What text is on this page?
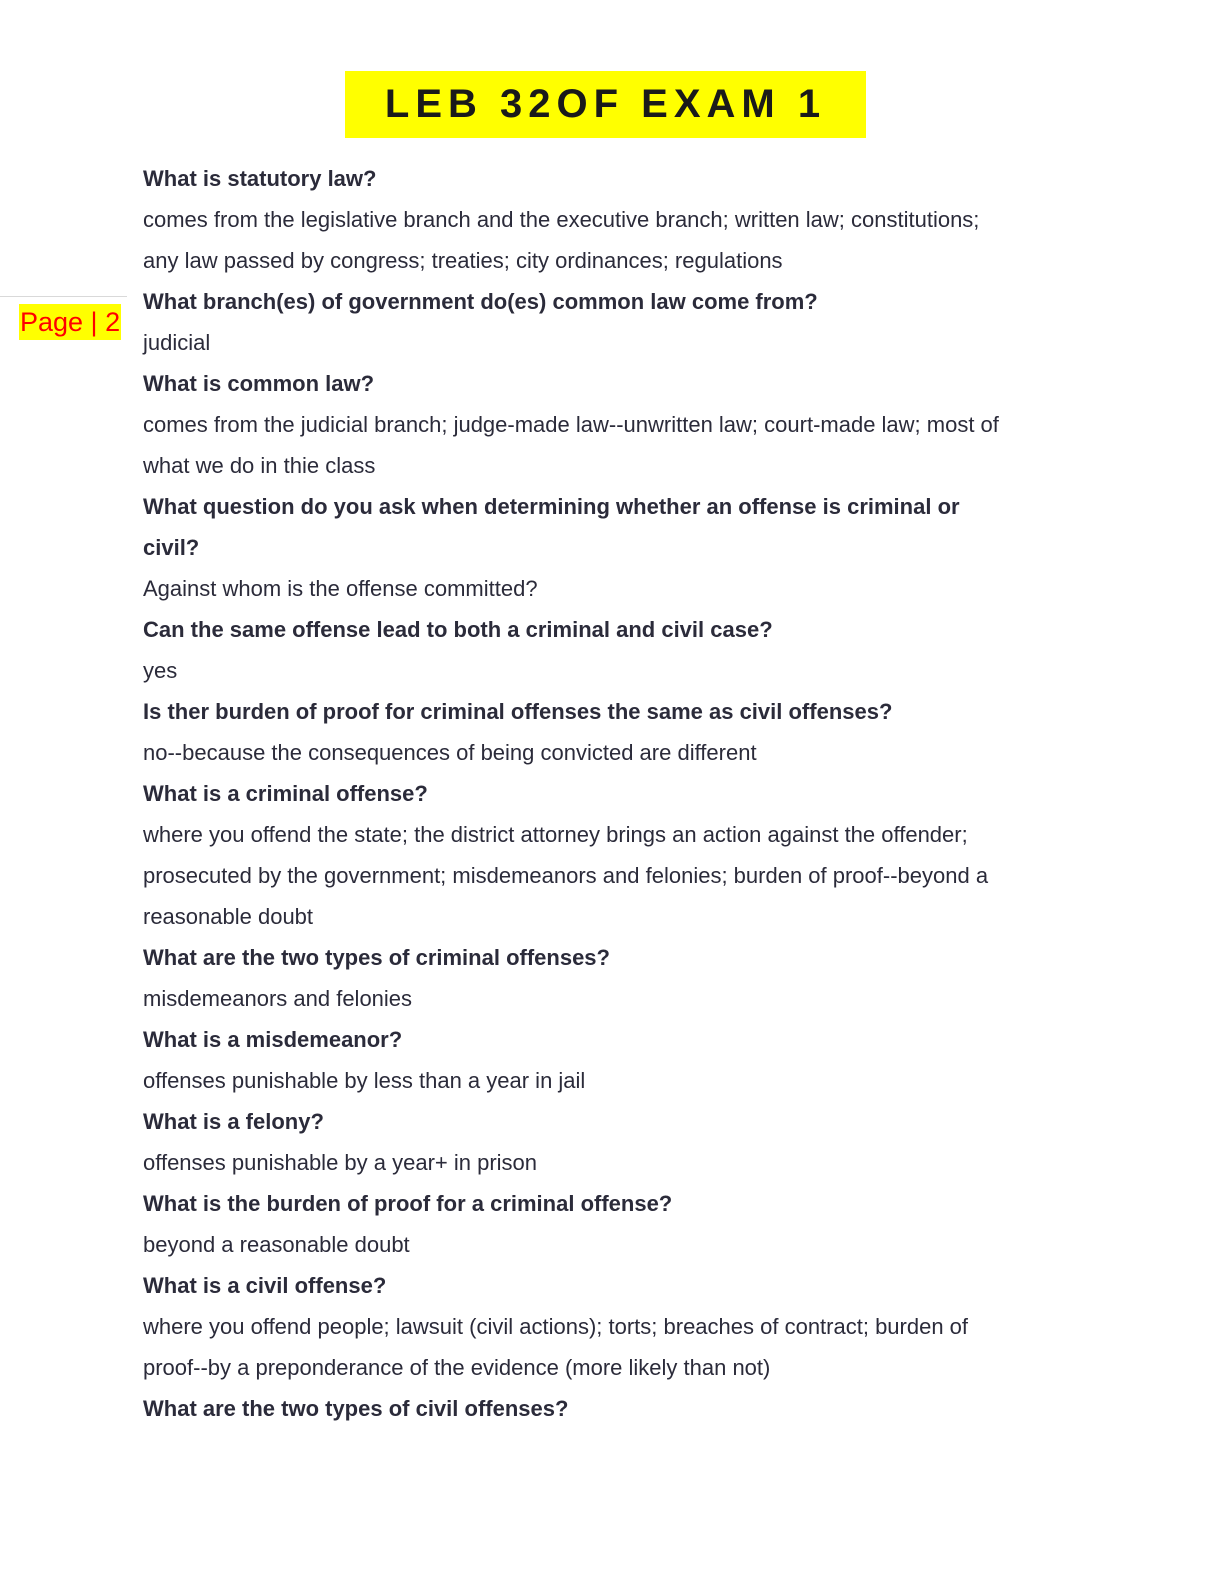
LEB 32OF EXAM 1
Page | 2

What is statutory law?

comes from the legislative branch and the executive branch; written law; constitutions;

any law passed by congress; treaties; city ordinances; regulations

What branch(es) of government do(es) common law come from?

judicial

What is common law?

comes from the judicial branch; judge-made law--unwritten law; court-made law; most of

what we do in thie class

What question do you ask when determining whether an offense is criminal or

civil?

Against whom is the offense committed?

Can the same offense lead to both a criminal and civil case?

yes

Is ther burden of proof for criminal offenses the same as civil offenses?

no--because the consequences of being convicted are different

What is a criminal offense?

where you offend the state; the district attorney brings an action against the offender;

prosecuted by the government; misdemeanors and felonies; burden of proof--beyond a

reasonable doubt

What are the two types of criminal offenses?

misdemeanors and felonies

What is a misdemeanor?

offenses punishable by less than a year in jail

What is a felony?

offenses punishable by a year+ in prison

What is the burden of proof for a criminal offense?

beyond a reasonable doubt

What is a civil offense?

where you offend people; lawsuit (civil actions); torts; breaches of contract; burden of

proof--by a preponderance of the evidence (more likely than not)

What are the two types of civil offenses?
